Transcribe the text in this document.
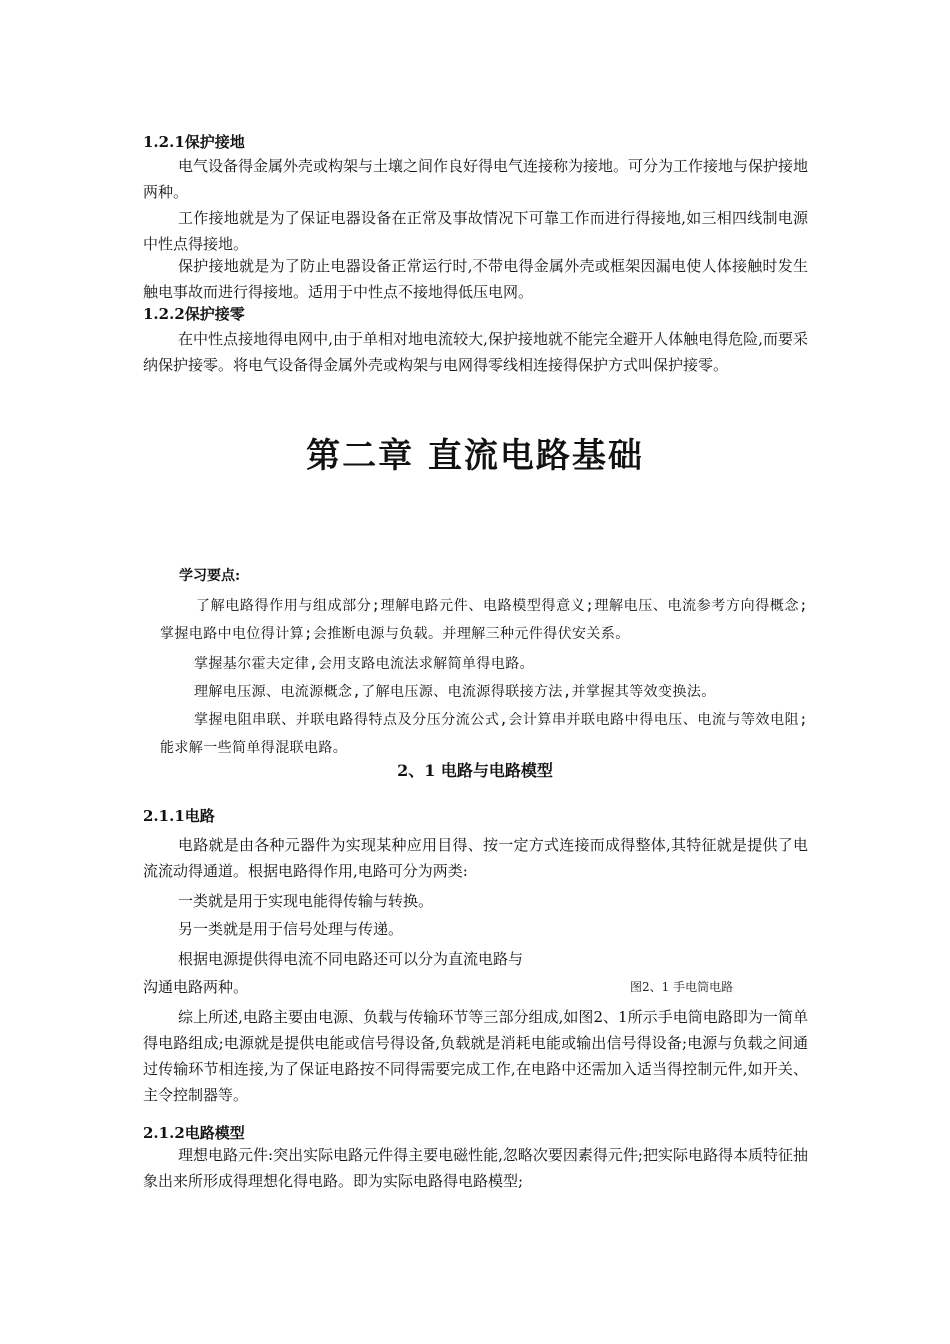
1.2.1保护接地
电气设备得金属外壳或构架与土壤之间作良好得电气连接称为接地。可分为工作接地与保护接地两种。
工作接地就是为了保证电器设备在正常及事故情况下可靠工作而进行得接地,如三相四线制电源中性点得接地。
保护接地就是为了防止电器设备正常运行时,不带电得金属外壳或框架因漏电使人体接触时发生触电事故而进行得接地。适用于中性点不接地得低压电网。
1.2.2保护接零
在中性点接地得电网中,由于单相对地电流较大,保护接地就不能完全避开人体触电得危险,而要采纳保护接零。将电气设备得金属外壳或构架与电网得零线相连接得保护方式叫保护接零。
第二章 直流电路基础
学习要点:
了解电路得作用与组成部分;理解电路元件、电路模型得意义;理解电压、电流参考方向得概念;掌握电路中电位得计算;会推断电源与负载。并理解三种元件得伏安关系。
掌握基尔霍夫定律,会用支路电流法求解简单得电路。
理解电压源、电流源概念,了解电压源、电流源得联接方法,并掌握其等效变换法。
掌握电阻串联、并联电路得特点及分压分流公式,会计算串并联电路中得电压、电流与等效电阻;能求解一些简单得混联电路。
2、1 电路与电路模型
2.1.1电路
电路就是由各种元器件为实现某种应用目得、按一定方式连接而成得整体,其特征就是提供了电流流动得通道。根据电路得作用,电路可分为两类:
一类就是用于实现电能得传输与转换。
另一类就是用于信号处理与传递。
根据电源提供得电流不同电路还可以分为直流电路与
沟通电路两种。	图2、1 手电筒电路
综上所述,电路主要由电源、负载与传输环节等三部分组成,如图2、1所示手电筒电路即为一简单得电路组成;电源就是提供电能或信号得设备,负载就是消耗电能或输出信号得设备;电源与负载之间通过传输环节相连接,为了保证电路按不同得需要完成工作,在电路中还需加入适当得控制元件,如开关、主令控制器等。
2.1.2电路模型
理想电路元件:突出实际电路元件得主要电磁性能,忽略次要因素得元件;把实际电路得本质特征抽象出来所形成得理想化得电路。即为实际电路得电路模型;
